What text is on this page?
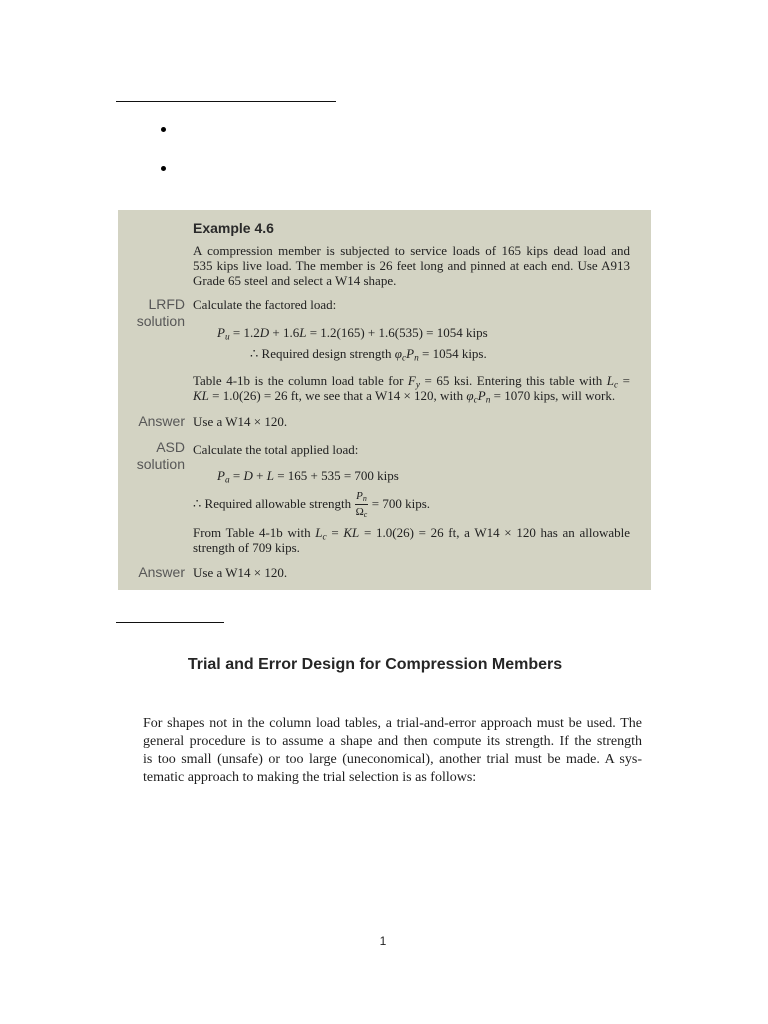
Example 4.6
A compression member is subjected to service loads of 165 kips dead load and
535 kips live load. The member is 26 feet long and pinned at each end. Use A913
Grade 65 steel and select a W14 shape.
LRFD
solution
Calculate the factored load:
$P_u = 1.2D + 1.6L = 1.2(165) + 1.6(535) = 1054$ kips
∴ Required design strength $\varphi_cP_n = 1054$ kips.
Table 4-1b is the column load table for $F_y = 65$ ksi. Entering this table with $L_c$ =
KL = 1.0(26) = 26 ft, we see that a W14 × 120, with $\varphi_cP_n = 1070$ kips, will work.
Answer Use a W14 × 120.
ASD
solution
Calculate the total applied load:
$P_a = D + L = 165 + 535 = 700$ kips
∴ Required allowable strength $\frac{P_n}{\Omega_c} = 700$ kips.
From Table 4-1b with $L_c$ = KL = 1.0(26) = 26 ft, a W14 × 120 has an allowable
strength of 709 kips.
Answer Use a W14 × 120.
Trial and Error Design for Compression Members
For shapes not in the column load tables, a trial-and-error approach must be used. The
general procedure is to assume a shape and then compute its strength. If the strength
is too small (unsafe) or too large (uneconomical), another trial must be made. A sys-
tematic approach to making the trial selection is as follows:
1
